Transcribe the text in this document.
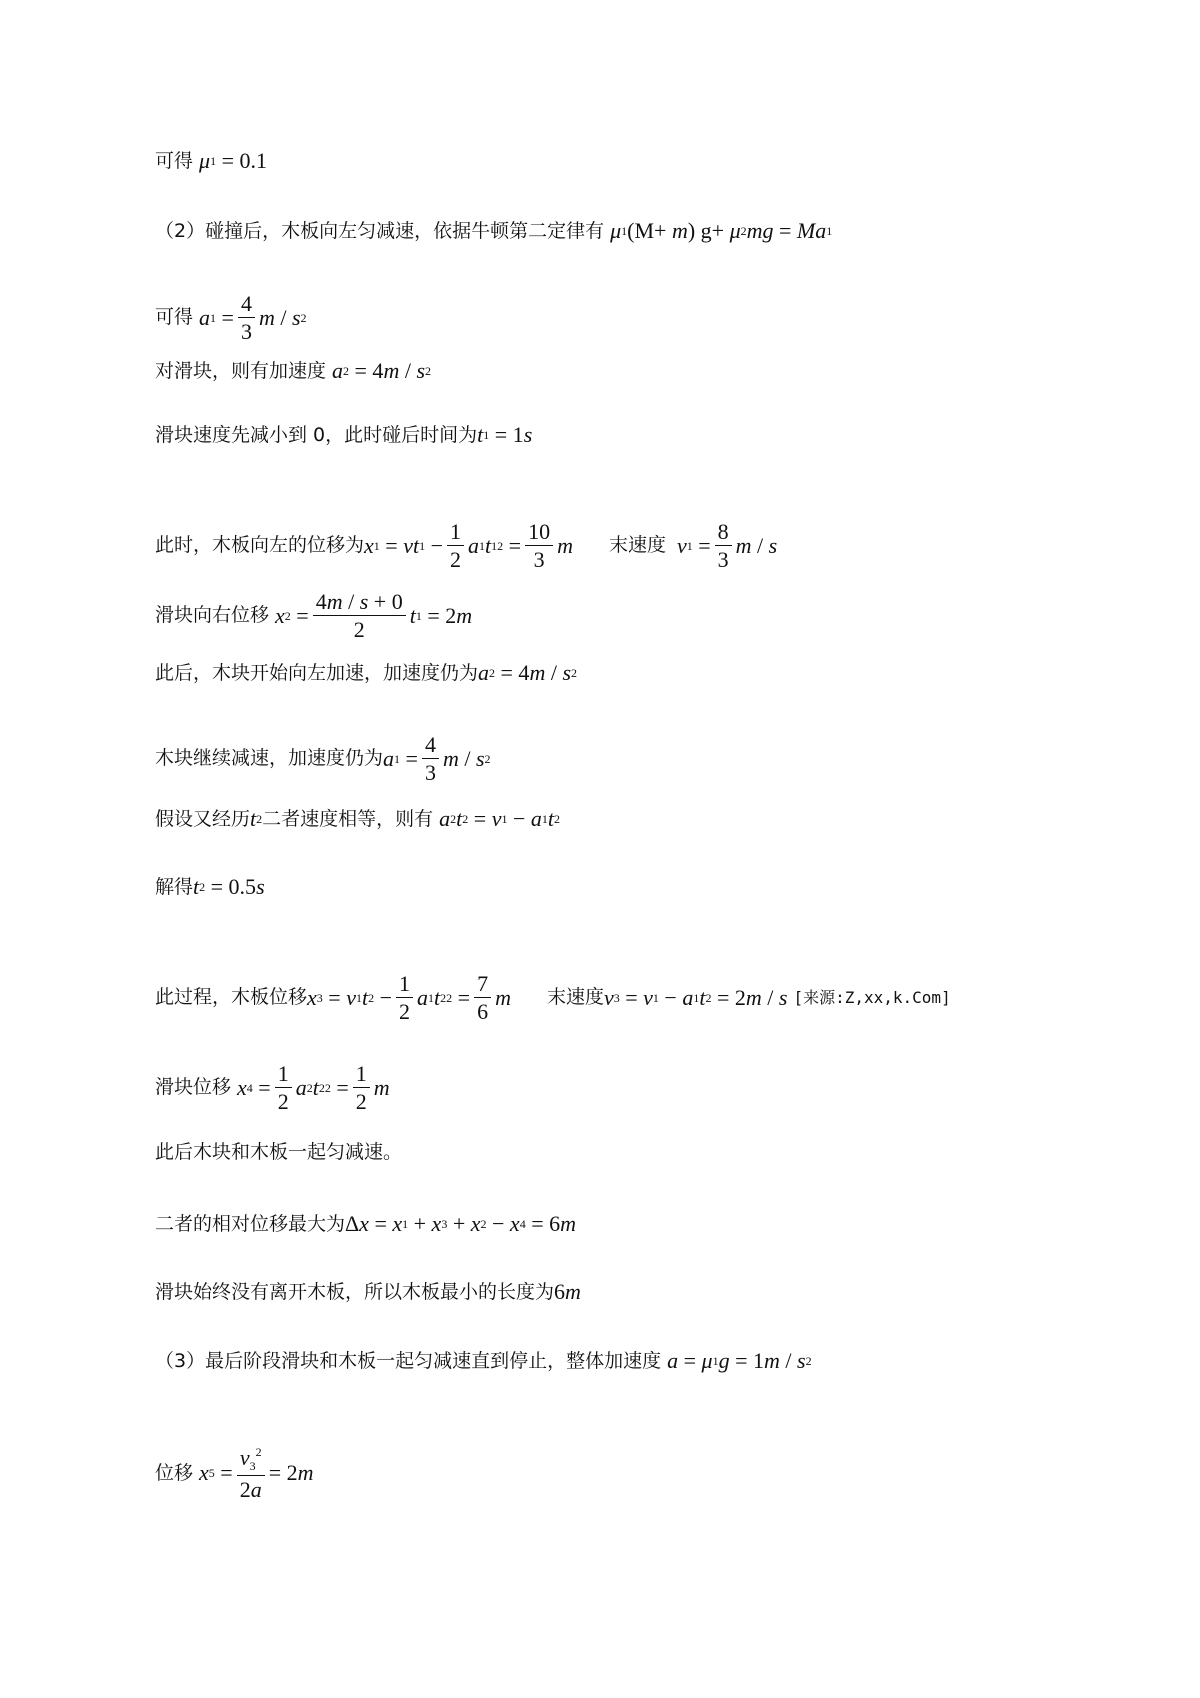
可得 μ 1 = 0.1
（2）碰撞后，木板向左匀减速，依据牛顿第二定律有 μ 1 (M+ m ) g+ μ 2 mg = Ma 1
可得 a $1 = \frac{4}{3}$ m / s 2
对滑块，则有加速度 a 2 = 4 m / s 2
滑块速度先减小到 0，此时碰后时间为 t 1 = 1 s
此时，木板向左的位移为 x 1 = vt $1 - \frac{1}{2}$ a 1 t 1 $2 = \frac{10}{3}$ m 末速度
v $1 = \frac{8}{3}$ m / s
滑块向右位移 x $2 = \frac{4m / s + 0}{2}$ t 1 = 2 m
此后，木块开始向左加速，加速度仍为 a 2 = 4 m / s 2
木块继续减速，加速度仍为 a $1 = \frac{4}{3}$ m / s 2
假设又经历 t 2 二者速度相等，则有 a 2 t 2 = v 1 − a 1 t 2
解得 t 2 = 0.5 s
此过程，木板位移 x 3 = v 1 t $2 - \frac{1}{2}$ a 1 t 2 $2 = \frac{7}{6}$ m 末速度 v 3 = v 1 − a 1 t 2 = 2 m / s [来源:Z,xx,k.Com]
滑块位移 x $4 = \frac{1}{2}$ a 2 t 2 $2 = \frac{1}{2}$ m
此后木块和木板一起匀减速。
二者的相对位移最大为 Δ x = x 1 + x 3 + x 2 − x 4 = 6 m
滑块始终没有离开木板，所以木板最小的长度为 6 m
（3）最后阶段滑块和木板一起匀减速直到停止，整体加速度 a = μ 1 g = 1 m / s 2
位移 x $5 = \frac{v_3^2}{2a} = 2$ m
